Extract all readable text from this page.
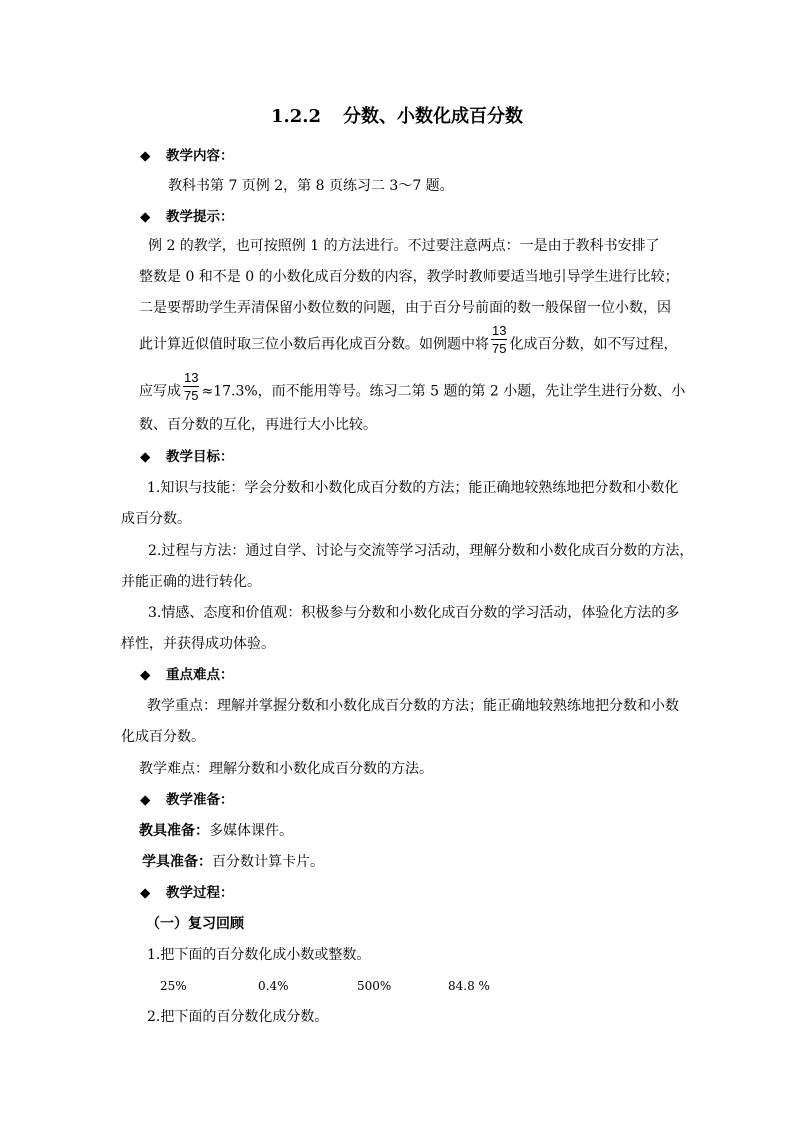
1.2.2 分数、小数化成百分数
◆ 教学内容：
教科书第 7 页例 2，第 8 页练习二 3～7 题。
◆ 教学提示：
例 2 的教学，也可按照例 1 的方法进行。不过要注意两点：一是由于教科书安排了
整数是 0 和不是 0 的小数化成百分数的内容，教学时教师要适当地引导学生进行比较；
二是要帮助学生弄清保留小数位数的问题，由于百分号前面的数一般保留一位小数，因
此计算近似值时取三位小数后再化成百分数。如例题中将 $\frac{13}{75}$ 化成百分数，如不写过程，
应写成 $\frac{13}{75} \approx 17.3\%$，而不能用等号。练习二第 5 题的第 2 小题，先让学生进行分数、小
数、百分数的互化，再进行大小比较。
◆ 教学目标：
1.知识与技能：学会分数和小数化成百分数的方法；能正确地较熟练地把分数和小数化
成百分数。
2.过程与方法：通过自学、讨论与交流等学习活动，理解分数和小数化成百分数的方法，
并能正确的进行转化。
3.情感、态度和价值观：积极参与分数和小数化成百分数的学习活动，体验化方法的多
样性，并获得成功体验。
◆ 重点难点：
教学重点：理解并掌握分数和小数化成百分数的方法；能正确地较熟练地把分数和小数
化成百分数。
教学难点：理解分数和小数化成百分数的方法。
◆ 教学准备：
教具准备：多媒体课件。
学具准备：百分数计算卡片。
◆ 教学过程：
（一）复习回顾
1.把下面的百分数化成小数或整数。
25%	0.4%	500%	84.8 %
2.把下面的百分数化成分数。
